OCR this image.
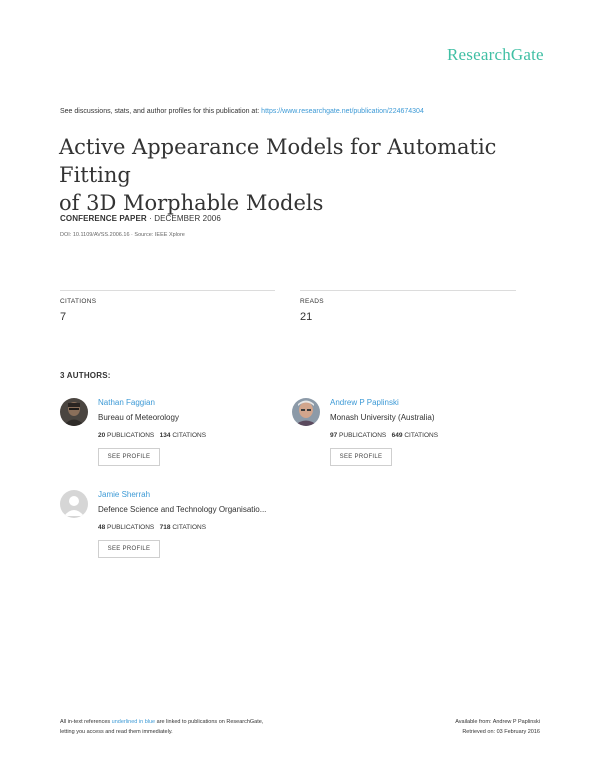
ResearchGate
See discussions, stats, and author profiles for this publication at: https://www.researchgate.net/publication/224674304
Active Appearance Models for Automatic Fitting
of 3D Morphable Models
CONFERENCE PAPER · DECEMBER 2006
DOI: 10.1109/AVSS.2006.16 · Source: IEEE Xplore
CITATIONS
7
READS
21
3 AUTHORS:
Nathan Faggian
Bureau of Meteorology
20 PUBLICATIONS 134 CITATIONS
SEE PROFILE
Andrew P Paplinski
Monash University (Australia)
97 PUBLICATIONS 649 CITATIONS
SEE PROFILE
Jamie Sherrah
Defence Science and Technology Organisatio...
48 PUBLICATIONS 718 CITATIONS
SEE PROFILE
All in-text references underlined in blue are linked to publications on ResearchGate,
letting you access and read them immediately.
Available from: Andrew P Paplinski
Retrieved on: 03 February 2016
